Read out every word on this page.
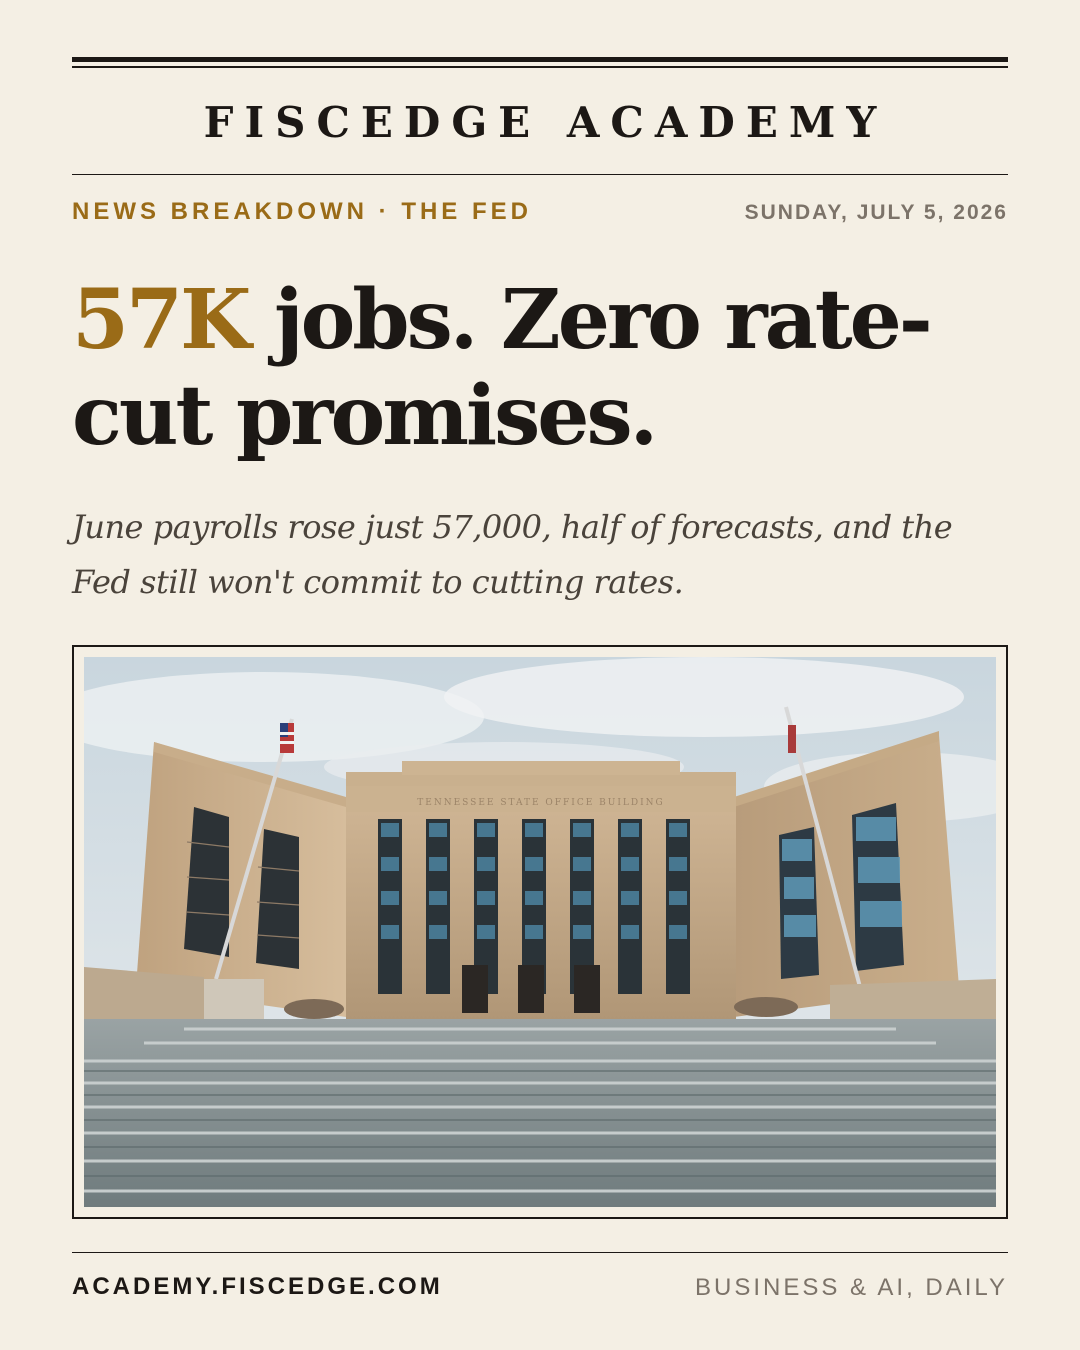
FISCEDGE ACADEMY
NEWS BREAKDOWN · THE FED	SUNDAY, JULY 5, 2026
57K jobs. Zero rate-
cut promises.
June payrolls rose just 57,000, half of forecasts, and the Fed still won't commit to cutting rates.
TENNESSEE STATE OFFICE BUILDING
ACADEMY.FISCEDGE.COM	BUSINESS & AI, DAILY
